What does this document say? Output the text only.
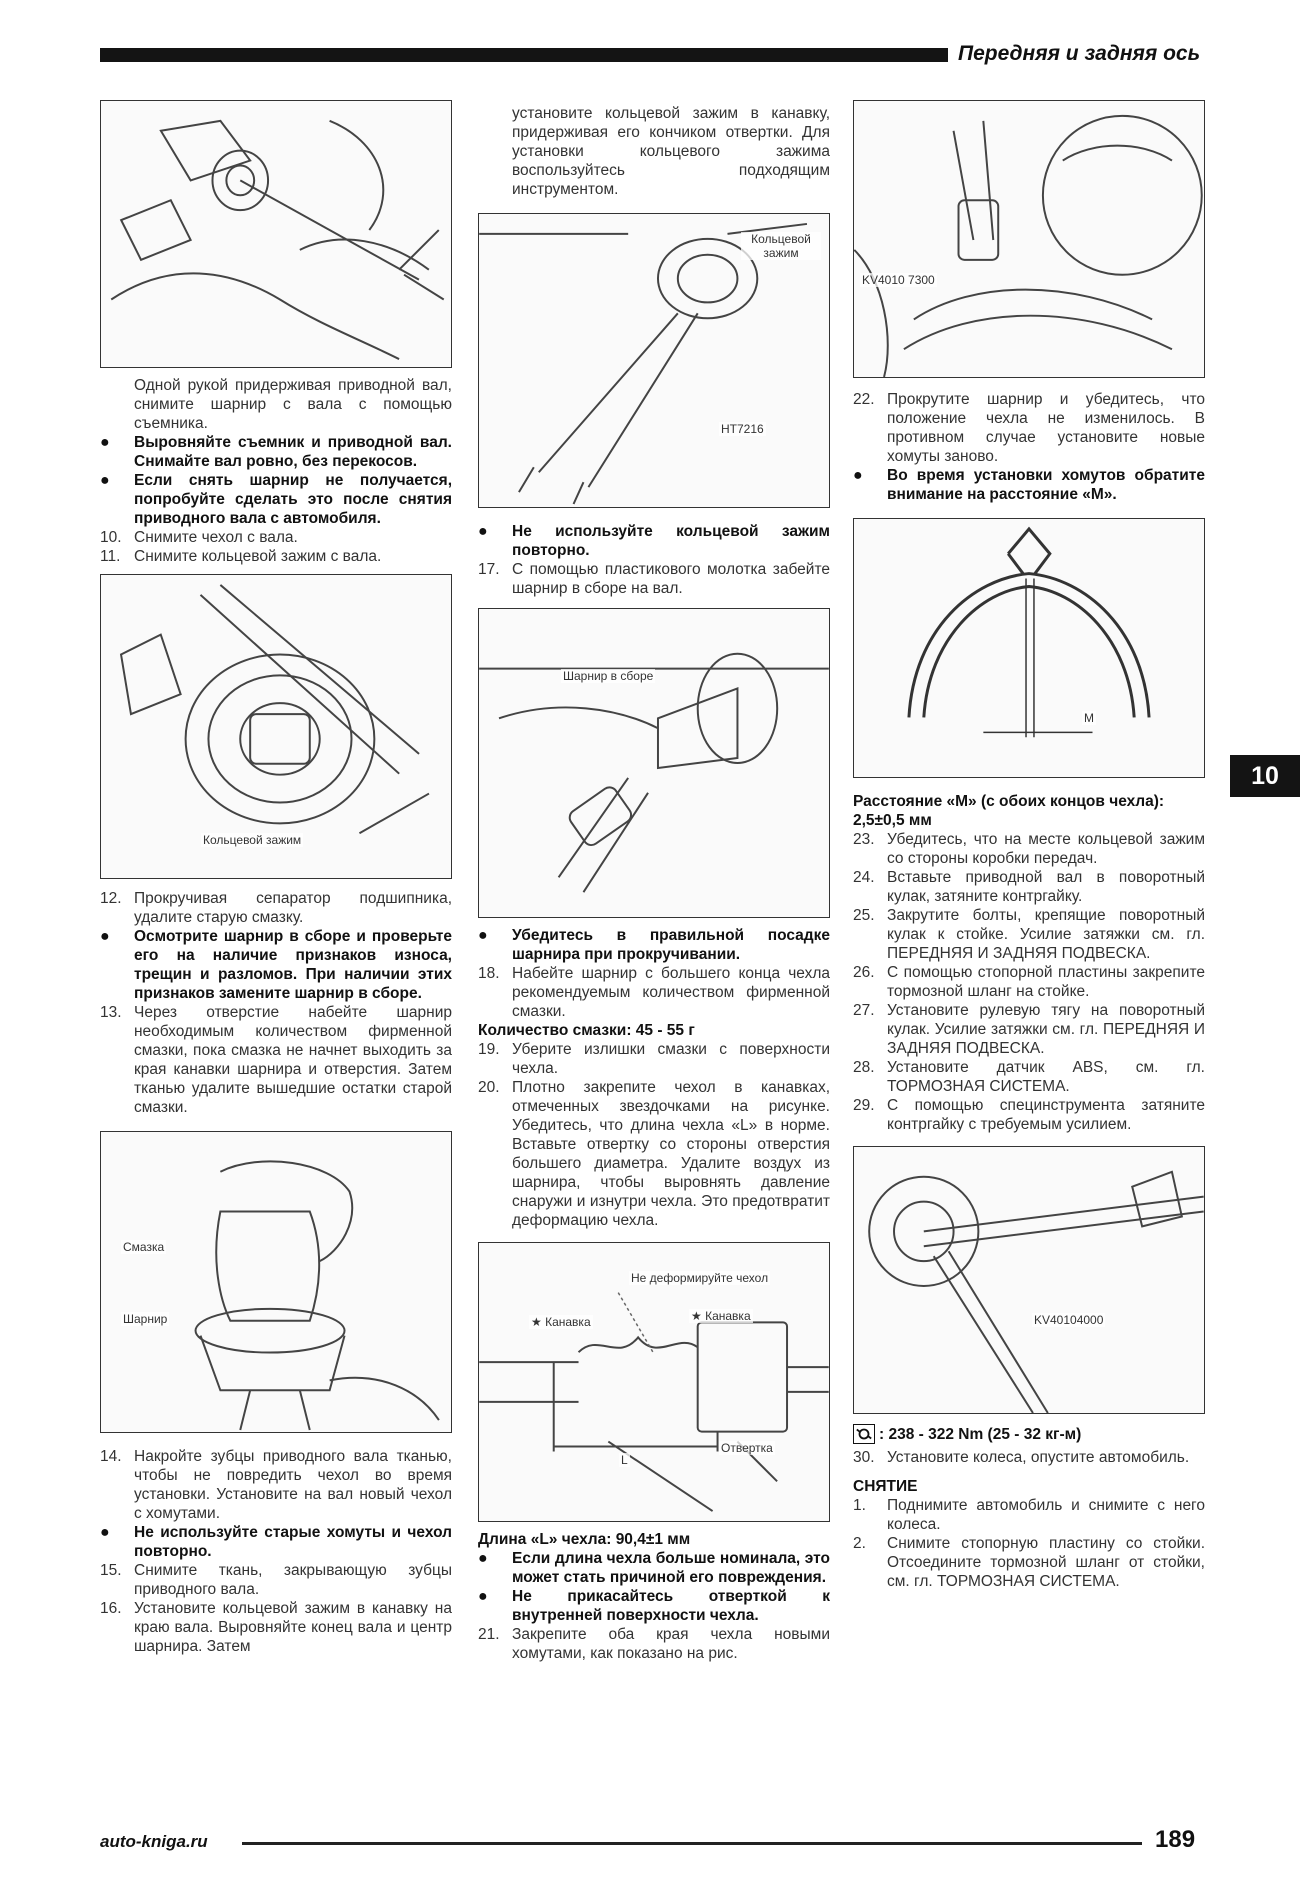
Передняя и задняя ось

Одной рукой придерживая приводной вал, снимите шарнир с вала с помощью съемника.

●	Выровняйте съемник и приводной вал. Снимайте вал ровно, без перекосов.

●	Если снять шарнир не получается, попробуйте сделать это после снятия приводного вала с автомобиля.

10. Снимите чехол с вала.

11. Снимите кольцевой зажим с вала.

Кольцевой зажим

12. Прокручивая сепаратор подшипника, удалите старую смазку.

●	Осмотрите шарнир в сборе и проверьте его на наличие признаков износа, трещин и разломов. При наличии этих признаков замените шарнир в сборе.

13. Через отверстие набейте шарнир необходимым количеством фирменной смазки, пока смазка не начнет выходить за края канавки шарнира и отверстия. Затем тканью удалите вышедшие остатки старой смазки.

Смазка
Шарнир

14. Накройте зубцы приводного вала тканью, чтобы не повредить чехол во время установки. Установите на вал новый чехол с хомутами.

●	Не используйте старые хомуты и чехол повторно.

15. Снимите ткань, закрывающую зубцы приводного вала.

16. Установите кольцевой зажим в канавку на краю вала. Выровняйте конец вала и центр шарнира. Затем

установите кольцевой зажим в канавку, придерживая его кончиком отвертки. Для установки кольцевого зажима воспользуйтесь подходящим инструментом.

Кольцевой зажим
HT7216

●	Не используйте кольцевой зажим повторно.

17. С помощью пластикового молотка забейте шарнир в сборе на вал.

Шарнир в сборе

●	Убедитесь в правильной посадке шарнира при прокручивании.

18. Набейте шарнир с большего конца чехла рекомендуемым количеством фирменной смазки.

Количество смазки: 45 - 55 г

19. Уберите излишки смазки с поверхности чехла.

20. Плотно закрепите чехол в канавках, отмеченных звездочками на рисунке. Убедитесь, что длина чехла «L» в норме. Вставьте отвертку со стороны отверстия большего диаметра. Удалите воздух из шарнира, чтобы выровнять давление снаружи и изнутри чехла. Это предотвратит деформацию чехла.

Не деформируйте чехол
★ Канавка	★ Канавка
L
Отвертка

Длина «L» чехла: 90,4±1 мм

●	Если длина чехла больше номинала, это может стать причиной его повреждения.

●	Не прикасайтесь отверткой к внутренней поверхности чехла.

21. Закрепите оба края чехла новыми хомутами, как показано на рис.

KV4010 7300

22. Прокрутите шарнир и убедитесь, что положение чехла не изменилось. В противном случае установите новые хомуты заново.

●	Во время установки хомутов обратите внимание на расстояние «М».

M

Расстояние «М» (с обоих концов чехла): 2,5±0,5 мм

23. Убедитесь, что на месте кольцевой зажим со стороны коробки передач.

24. Вставьте приводной вал в поворотный кулак, затяните контргайку.

25. Закрутите болты, крепящие поворотный кулак к стойке. Усилие затяжки см. гл. ПЕРЕДНЯЯ И ЗАДНЯЯ ПОДВЕСКА.

26. С помощью стопорной пластины закрепите тормозной шланг на стойке.

27. Установите рулевую тягу на поворотный кулак. Усилие затяжки см. гл. ПЕРЕДНЯЯ И ЗАДНЯЯ ПОДВЕСКА.

28. Установите датчик ABS, см. гл. ТОРМОЗНАЯ СИСТЕМА.

29. С помощью специнструмента затяните контргайку с требуемым усилием.

KV40104000

: 238 - 322 Nm (25 - 32 кг-м)

30. Установите колеса, опустите автомобиль.

СНЯТИЕ

1.	Поднимите автомобиль и снимите с него колеса.

2.	Снимите стопорную пластину со стойки. Отсоедините тормозной шланг от стойки, см. гл. ТОРМОЗНАЯ СИСТЕМА.

10
auto-kniga.ru	189
